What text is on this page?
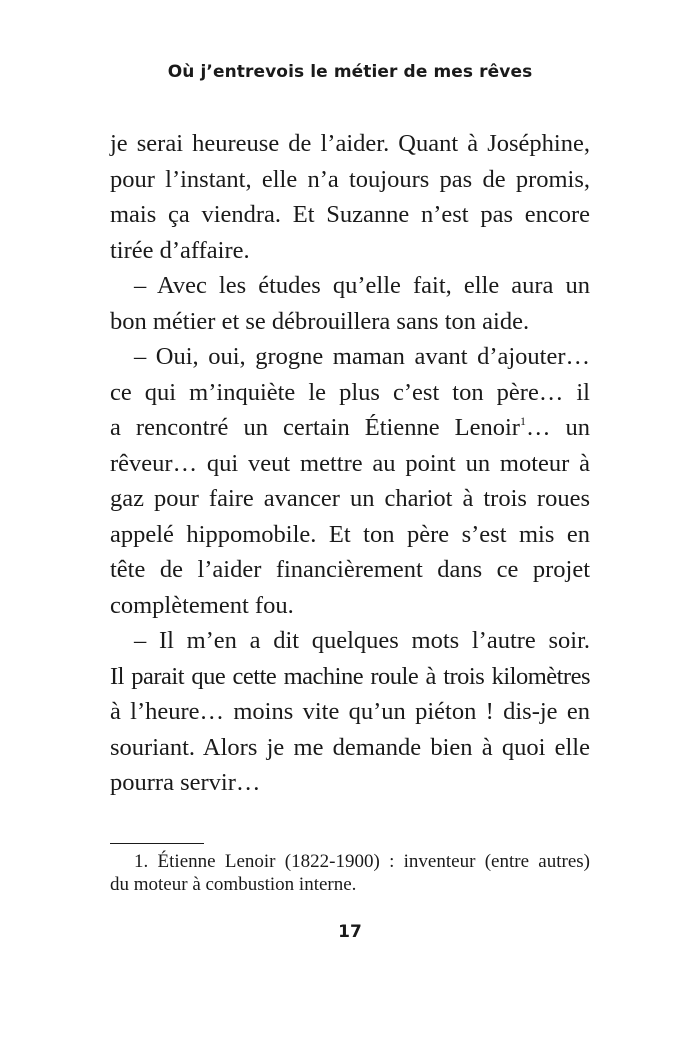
Où j’entrevois le métier de mes rêves
je serai heureuse de l’aider. Quant à Joséphine,
pour l’instant, elle n’a toujours pas de promis,
mais ça viendra. Et Suzanne n’est pas encore
tirée d’affaire.
– Avec les études qu’elle fait, elle aura un
bon métier et se débrouillera sans ton aide.
– Oui, oui, grogne maman avant d’ajouter…
ce qui m’inquiète le plus c’est ton père… il
a rencontré un certain Étienne Lenoir$^1$… un
rêveur… qui veut mettre au point un moteur à
gaz pour faire avancer un chariot à trois roues
appelé hippomobile. Et ton père s’est mis en
tête de l’aider financièrement dans ce projet
complètement fou.
– Il m’en a dit quelques mots l’autre soir.
Il parait que cette machine roule à trois kilomètres
à l’heure… moins vite qu’un piéton ! dis-je en
souriant. Alors je me demande bien à quoi elle
pourra servir…
1. Étienne Lenoir (1822-1900) : inventeur (entre autres)
du moteur à combustion interne.
17
